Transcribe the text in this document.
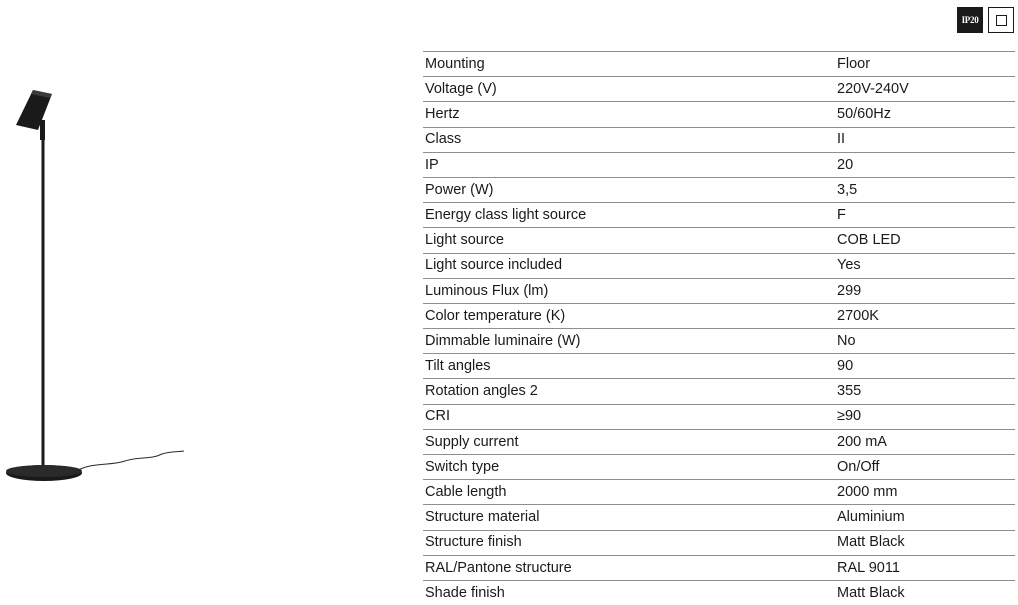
IP20
Mounting	Floor
Voltage (V)	220V-240V
Hertz	50/60Hz
Class	II
IP	20
Power (W)	3,5
Energy class light source	F
Light source	COB LED
Light source included	Yes
Luminous Flux (lm)	299
Color temperature (K)	2700K
Dimmable luminaire (W)	No
Tilt angles	90
Rotation angles 2	355
CRI	≥90
Supply current	200 mA
Switch type	On/Off
Cable length	2000 mm
Structure material	Aluminium
Structure finish	Matt Black
RAL/Pantone structure	RAL 9011
Shade finish	Matt Black
